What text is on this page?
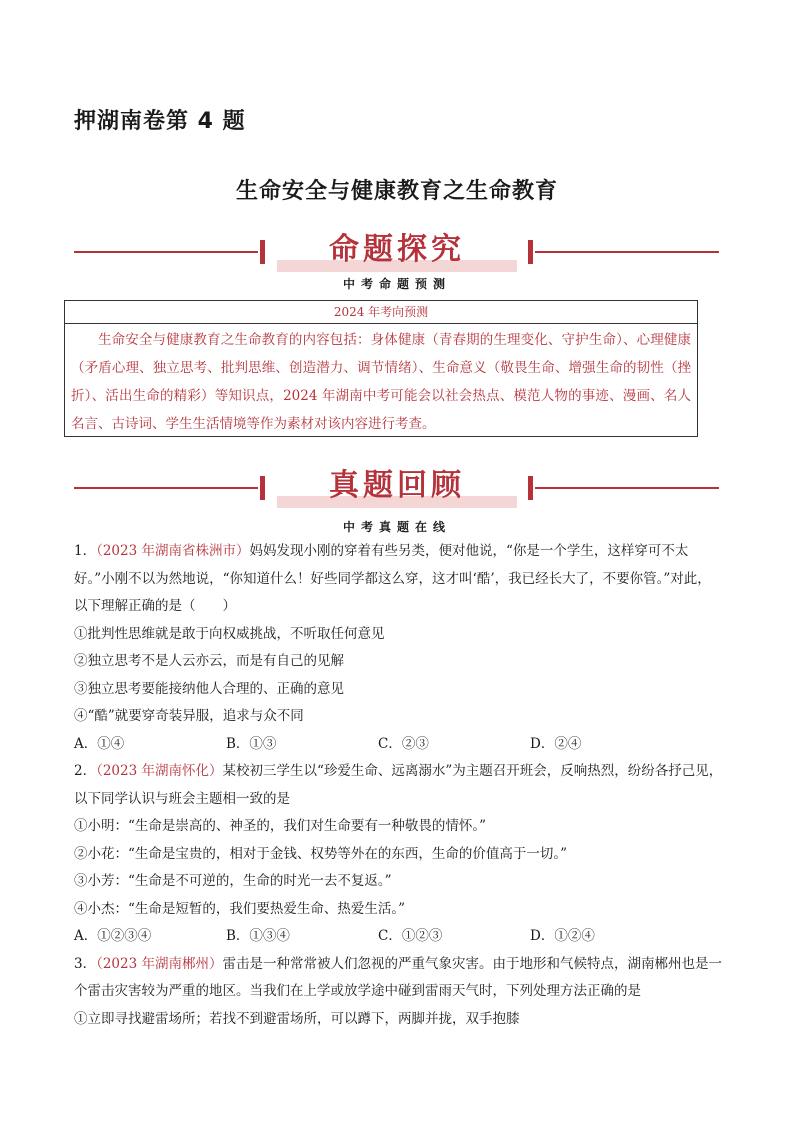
押湖南卷第 4 题
生命安全与健康教育之生命教育
命题探究
中考命题预测
2024 年考向预测
生命安全与健康教育之生命教育的内容包括：身体健康（青春期的生理变化、守护生命）、心理健康（矛盾心理、独立思考、批判思维、创造潜力、调节情绪）、生命意义（敬畏生命、增强生命的韧性（挫折）、活出生命的精彩）等知识点，2024 年湖南中考可能会以社会热点、模范人物的事迹、漫画、名人名言、古诗词、学生生活情境等作为素材对该内容进行考查。
真题回顾
中考真题在线
1．（2023 年湖南省株洲市）妈妈发现小刚的穿着有些另类，便对他说，“你是一个学生，这样穿可不太好。”小刚不以为然地说，“你知道什么！好些同学都这么穿，这才叫‘酷’，我已经长大了，不要你管。”对此，以下理解正确的是（　　）
①批判性思维就是敢于向权威挑战，不听取任何意见
②独立思考不是人云亦云，而是有自己的见解
③独立思考要能接纳他人合理的、正确的意见
④“酷”就要穿奇装异服，追求与众不同
A．①④	B．①③	C．②③	D．②④
2．（2023 年湖南怀化）某校初三学生以“珍爱生命、远离溺水”为主题召开班会，反响热烈，纷纷各抒己见，以下同学认识与班会主题相一致的是
①小明：“生命是崇高的、神圣的，我们对生命要有一种敬畏的情怀。”
②小花：“生命是宝贵的，相对于金钱、权势等外在的东西，生命的价值高于一切。”
③小芳：“生命是不可逆的，生命的时光一去不复返。”
④小杰：“生命是短暂的，我们要热爱生命、热爱生活。”
A．①②③④	B．①③④	C．①②③	D．①②④
3．（2023 年湖南郴州）雷击是一种常常被人们忽视的严重气象灾害。由于地形和气候特点，湖南郴州也是一个雷击灾害较为严重的地区。当我们在上学或放学途中碰到雷雨天气时，下列处理方法正确的是
①立即寻找避雷场所；若找不到避雷场所，可以蹲下，两脚并拢，双手抱膝
